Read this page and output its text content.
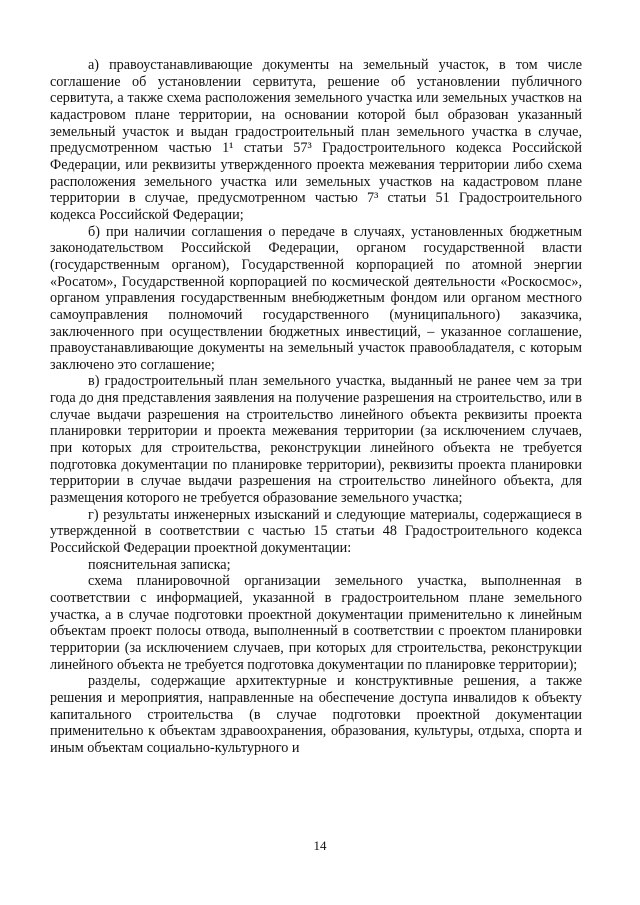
а) правоустанавливающие документы на земельный участок, в том числе соглашение об установлении сервитута, решение об установлении публичного сервитута, а также схема расположения земельного участка или земельных участков на кадастровом плане территории, на основании которой был образован указанный земельный участок и выдан градостроительный план земельного участка в случае, предусмотренном частью 1¹ статьи 57³ Градостроительного кодекса Российской Федерации, или реквизиты утвержденного проекта межевания территории либо схема расположения земельного участка или земельных участков на кадастровом плане территории в случае, предусмотренном частью 7³ статьи 51 Градостроительного кодекса Российской Федерации;

б) при наличии соглашения о передаче в случаях, установленных бюджетным законодательством Российской Федерации, органом государственной власти (государственным органом), Государственной корпорацией по атомной энергии «Росатом», Государственной корпорацией по космической деятельности «Роскосмос», органом управления государственным внебюджетным фондом или органом местного самоуправления полномочий государственного (муниципального) заказчика, заключенного при осуществлении бюджетных инвестиций, – указанное соглашение, правоустанавливающие документы на земельный участок правообладателя, с которым заключено это соглашение;

в) градостроительный план земельного участка, выданный не ранее чем за три года до дня представления заявления на получение разрешения на строительство, или в случае выдачи разрешения на строительство линейного объекта реквизиты проекта планировки территории и проекта межевания территории (за исключением случаев, при которых для строительства, реконструкции линейного объекта не требуется подготовка документации по планировке территории), реквизиты проекта планировки территории в случае выдачи разрешения на строительство линейного объекта, для размещения которого не требуется образование земельного участка;

г) результаты инженерных изысканий и следующие материалы, содержащиеся в утвержденной в соответствии с частью 15 статьи 48 Градостроительного кодекса Российской Федерации проектной документации:

пояснительная записка;

схема планировочной организации земельного участка, выполненная в соответствии с информацией, указанной в градостроительном плане земельного участка, а в случае подготовки проектной документации применительно к линейным объектам проект полосы отвода, выполненный в соответствии с проектом планировки территории (за исключением случаев, при которых для строительства, реконструкции линейного объекта не требуется подготовка документации по планировке территории);

разделы, содержащие архитектурные и конструктивные решения, а также решения и мероприятия, направленные на обеспечение доступа инвалидов к объекту капитального строительства (в случае подготовки проектной документации применительно к объектам здравоохранения, образования, культуры, отдыха, спорта и иным объектам социально-культурного и

14
